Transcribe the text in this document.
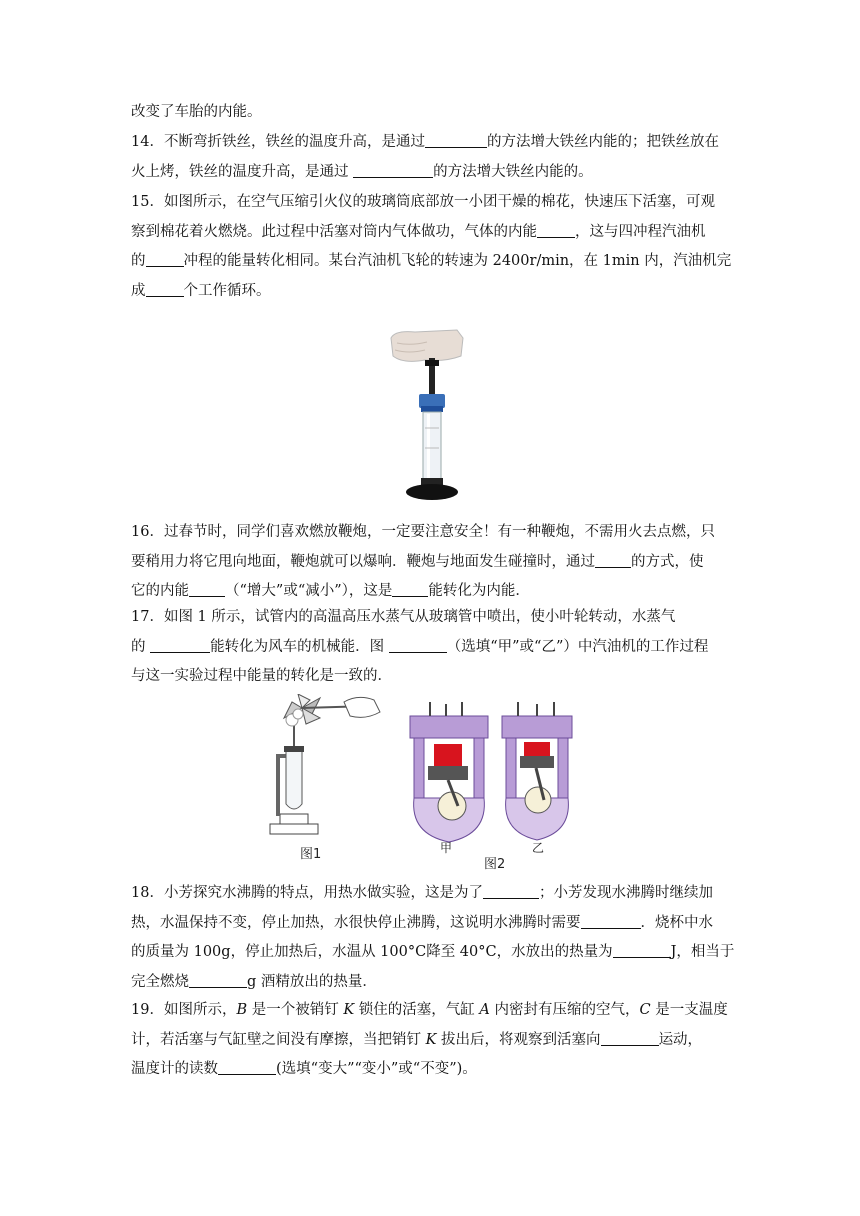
改变了车胎的内能。

14．不断弯折铁丝，铁丝的温度升高，是通过	的方法增大铁丝内能的；把铁丝放在

火上烤，铁丝的温度升高，是通过	的方法增大铁丝内能的。

15．如图所示，在空气压缩引火仪的玻璃筒底部放一小团干燥的棉花，快速压下活塞，可观

察到棉花着火燃烧。此过程中活塞对筒内气体做功，气体的内能	，这与四冲程汽油机

的	冲程的能量转化相同。某台汽油机飞轮的转速为 2400r/min，在 1min 内，汽油机完

成	个工作循环。

16．过春节时，同学们喜欢燃放鞭炮，一定要注意安全！有一种鞭炮，不需用火去点燃，只

要稍用力将它甩向地面，鞭炮就可以爆响．鞭炮与地面发生碰撞时，通过 的方式，使

它的内能 （“增大”或“减小”），这是 能转化为内能．

17．如图 1 所示，试管内的高温高压水蒸气从玻璃管中喷出，使小叶轮转动，水蒸气

的	能转化为风车的机械能．图	（选填“甲”或“乙”）中汽油机的工作过程

与这一实验过程中能量的转化是一致的．

图1	甲	乙
图2

18．小芳探究水沸腾的特点，用热水做实验，这是为了	；小芳发现水沸腾时继续加

热，水温保持不变，停止加热，水很快停止沸腾，这说明水沸腾时需要	．烧杯中水

的质量为 100g，停止加热后，水温从 100°C降至 40°C，水放出的热量为	J，相当于

完全燃烧	g 酒精放出的热量．

19．如图所示，B 是一个被销钉 K 锁住的活塞，气缸 A 内密封有压缩的空气，C 是一支温度

计，若活塞与气缸壁之间没有摩擦，当把销钉 K 拔出后，将观察到活塞向	运动，

温度计的读数	(选填“变大”“变小”或“不变”)。
